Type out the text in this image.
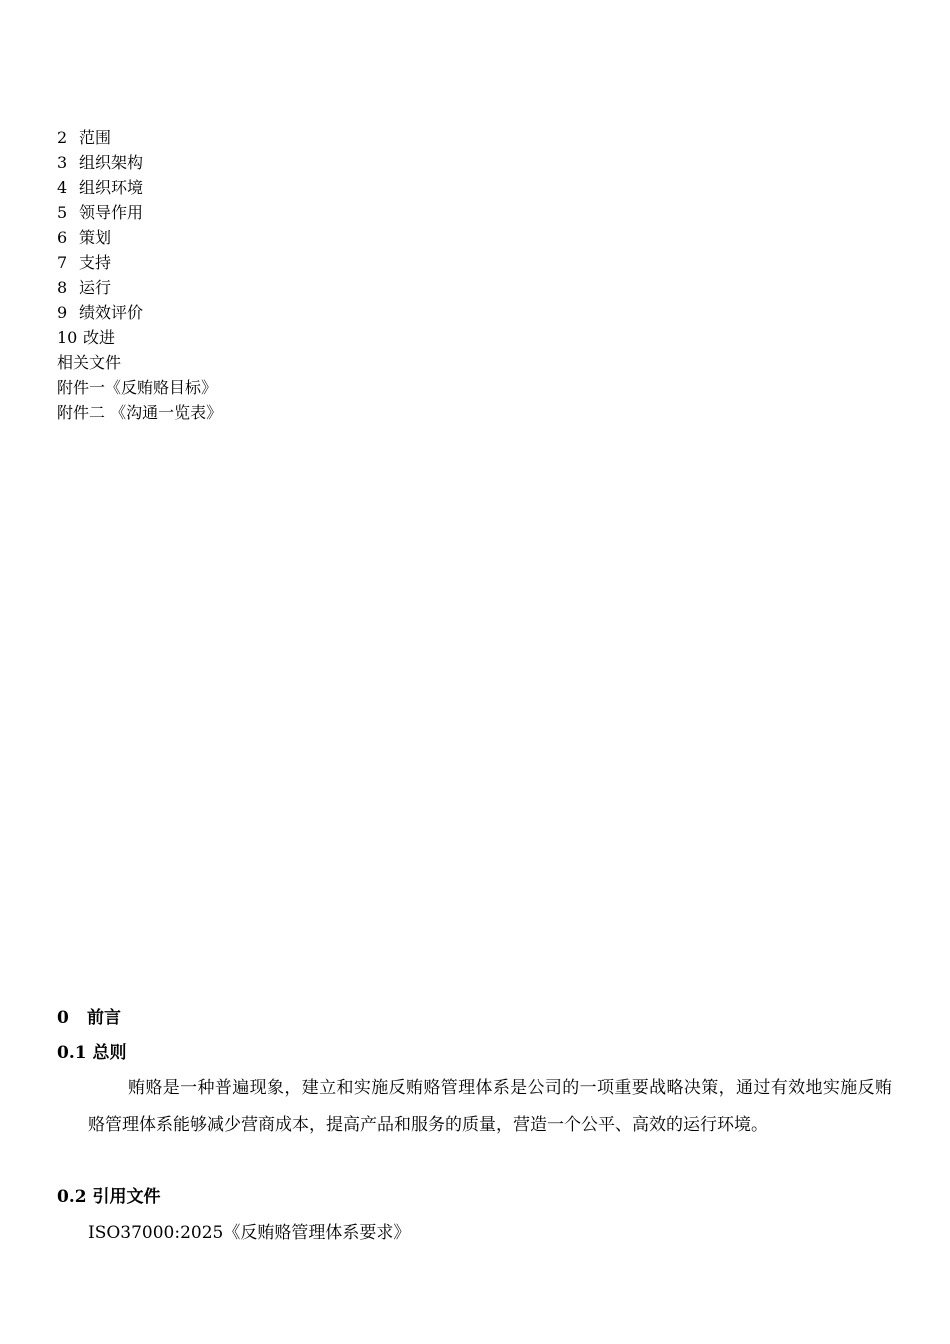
2 范围
3 组织架构
4 组织环境
5 领导作用
6 策划
7 支持
8 运行
9 绩效评价
10 改进
相关文件
附件一《反贿赂目标》
附件二 《沟通一览表》
0 前言
0.1 总则
贿赂是一种普遍现象，建立和实施反贿赂管理体系是公司的一项重要战略决策，通过有效地实施反贿赂管理体系能够减少营商成本，提高产品和服务的质量，营造一个公平、高效的运行环境。
0.2 引用文件
ISO37000:2025《反贿赂管理体系要求》
